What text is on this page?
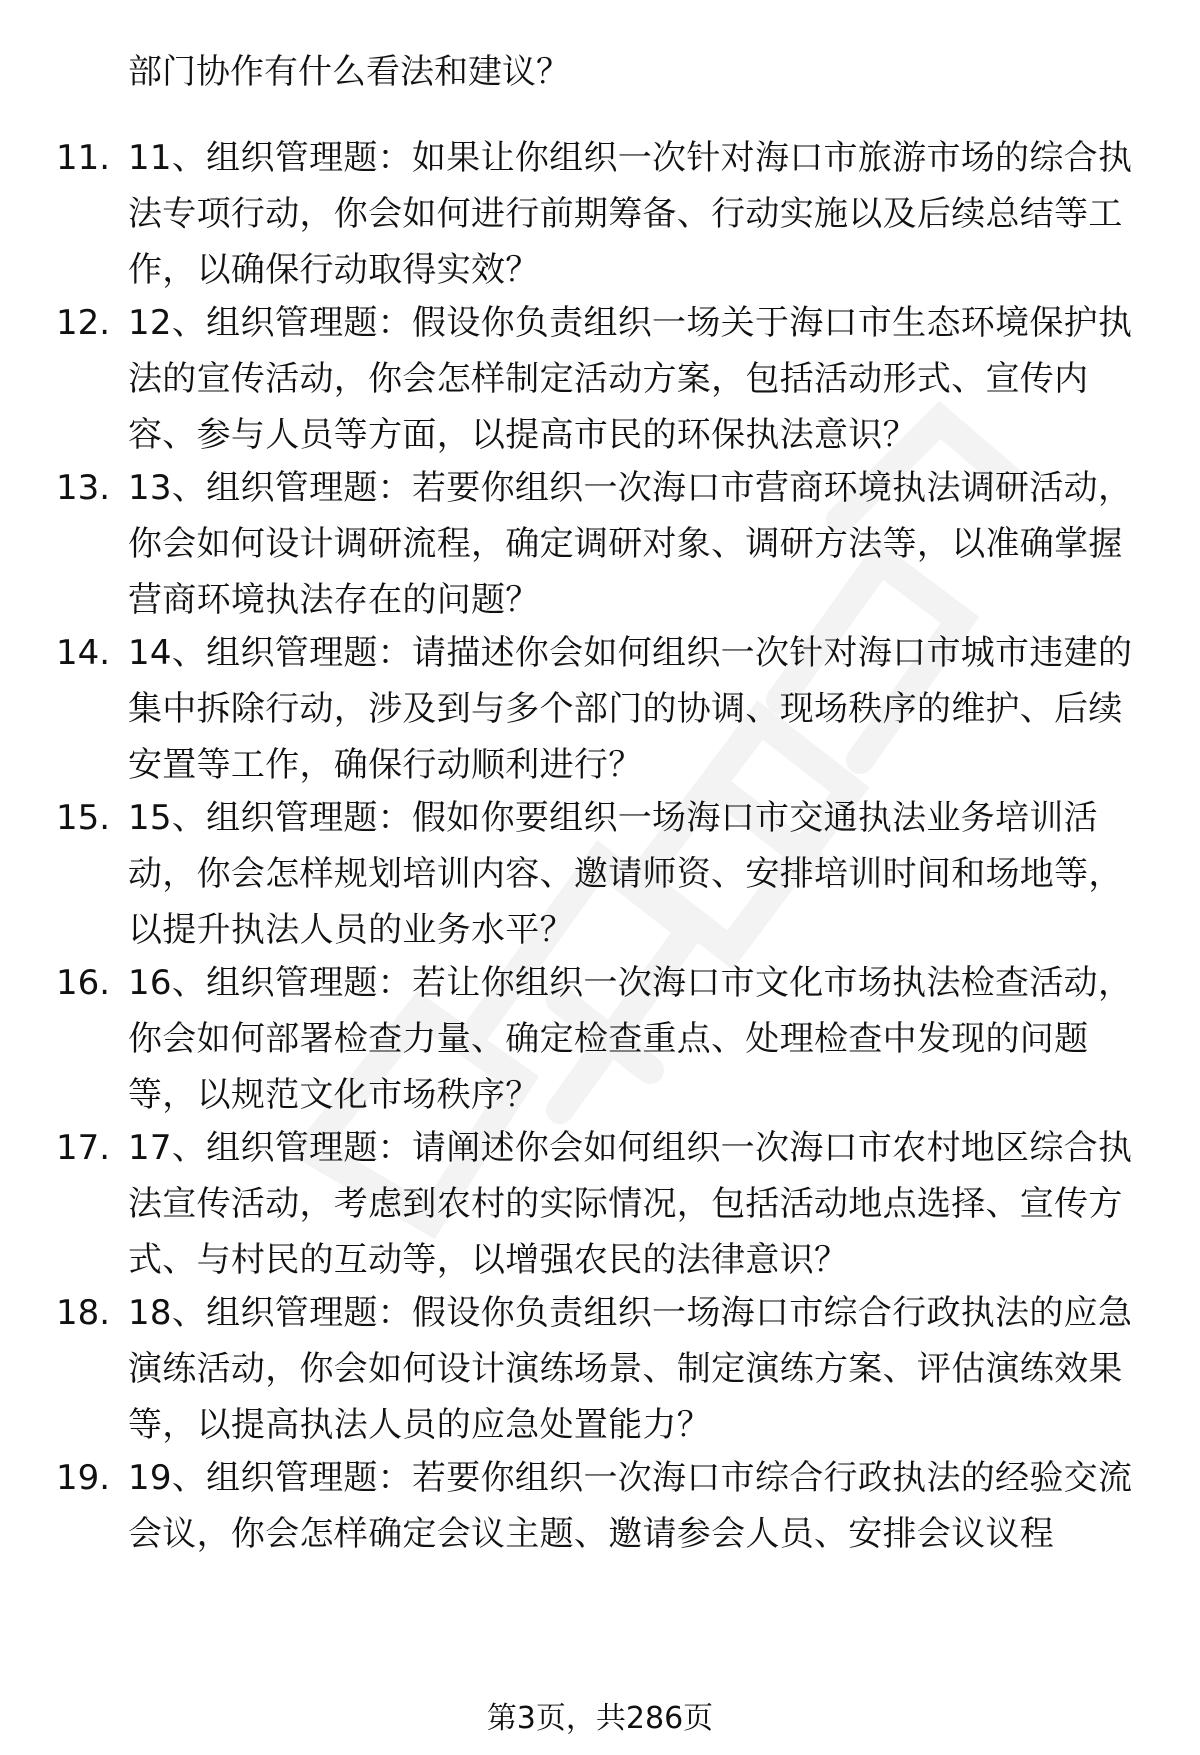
部门协作有什么看法和建议？
11. 11、组织管理题：如果让你组织一次针对海口市旅游市场的综合执法专项行动，你会如何进行前期筹备、行动实施以及后续总结等工作，以确保行动取得实效？
12. 12、组织管理题：假设你负责组织一场关于海口市生态环境保护执法的宣传活动，你会怎样制定活动方案，包括活动形式、宣传内容、参与人员等方面，以提高市民的环保执法意识？
13. 13、组织管理题：若要你组织一次海口市营商环境执法调研活动，你会如何设计调研流程，确定调研对象、调研方法等，以准确掌握营商环境执法存在的问题？
14. 14、组织管理题：请描述你会如何组织一次针对海口市城市违建的集中拆除行动，涉及到与多个部门的协调、现场秩序的维护、后续安置等工作，确保行动顺利进行？
15. 15、组织管理题：假如你要组织一场海口市交通执法业务培训活动，你会怎样规划培训内容、邀请师资、安排培训时间和场地等，以提升执法人员的业务水平？
16. 16、组织管理题：若让你组织一次海口市文化市场执法检查活动，你会如何部署检查力量、确定检查重点、处理检查中发现的问题等，以规范文化市场秩序？
17. 17、组织管理题：请阐述你会如何组织一次海口市农村地区综合执法宣传活动，考虑到农村的实际情况，包括活动地点选择、宣传方式、与村民的互动等，以增强农民的法律意识？
18. 18、组织管理题：假设你负责组织一场海口市综合行政执法的应急演练活动，你会如何设计演练场景、制定演练方案、评估演练效果等，以提高执法人员的应急处置能力？
19. 19、组织管理题：若要你组织一次海口市综合行政执法的经验交流会议，你会怎样确定会议主题、邀请参会人员、安排会议议程
第3页，共286页
